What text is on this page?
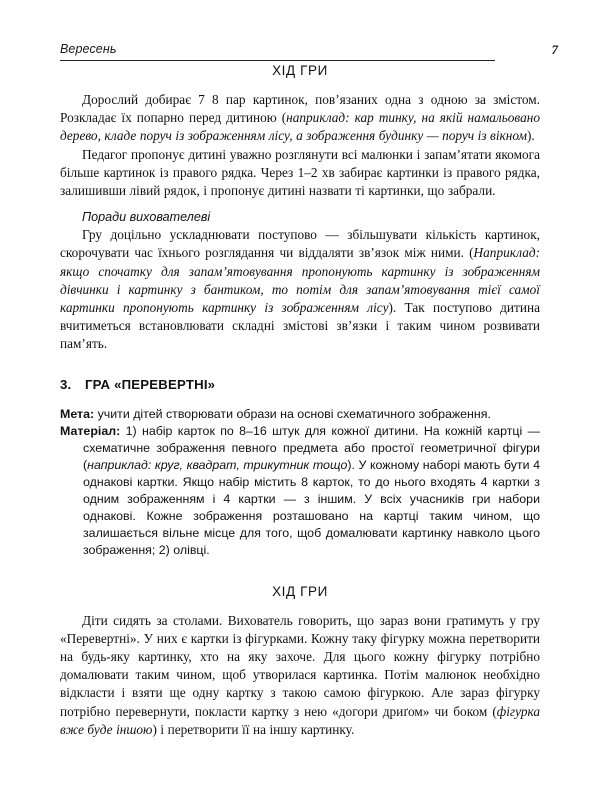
Вересень	7
ХІД ГРИ

Дорослий добирає 7 8 пар картинок, пов’язаних одна з одною за змістом. Розкладає їх попарно перед дитиною (наприклад: кар тинку, на якій намальовано дерево, кладе поруч із зображенням лісу, а зображення будинку — поруч із вікном).

Педагог пропонує дитині уважно розглянути всі малюнки і запам’ятати якомога більше картинок із правого рядка. Через 1–2 хв забирає картинки із правого рядка, залишивши лівий рядок, і пропонує дитині назвати ті картинки, що забрали.

Поради вихователеві

Гру доцільно ускладнювати поступово — збільшувати кількість картинок, скорочувати час їхнього розглядання чи віддаляти зв’язок між ними. (Наприклад: якщо спочатку для запам’ятовування пропонують картинку із зображенням дівчинки і картинку з бантиком, то потім для запам’ятовування тієї самої картинки пропонують картинку із зображенням лісу). Так поступово дитина вчитиметься встановлювати складні змістові зв’язки і таким чином розвивати пам’ять.

3.	ГРА «ПЕРЕВЕРТНІ»

Мета: учити дітей створювати образи на основі схематичного зображення.

Матеріал: 1) набір карток по 8–16 штук для кожної дитини. На кожній картці — схематичне зображення певного предмета або простої геометричної фігури (наприклад: круг, квадрат, трикутник тощо). У кожному наборі мають бути 4 однакові картки. Якщо набір містить 8 карток, то до нього входять 4 картки з одним зображенням і 4 картки — з іншим. У всіх учасників гри набори однакові. Кожне зображення розташовано на картці таким чином, що залишається вільне місце для того, щоб домалювати картинку навколо цього зображення; 2) олівці.

ХІД ГРИ

Діти сидять за столами. Вихователь говорить, що зараз вони гратимуть у гру «Перевертні». У них є картки із фігурками. Кожну таку фігурку можна перетворити на будь-яку картинку, хто на яку захоче. Для цього кожну фігурку потрібно домалювати таким чином, щоб утворилася картинка. Потім малюнок необхідно відкласти і взяти ще одну картку з такою самою фігуркою. Але зараз фігурку потрібно перевернути, покласти картку з нею «догори дриґом» чи боком (фігурка вже буде іншою) і перетворити її на іншу картинку.
